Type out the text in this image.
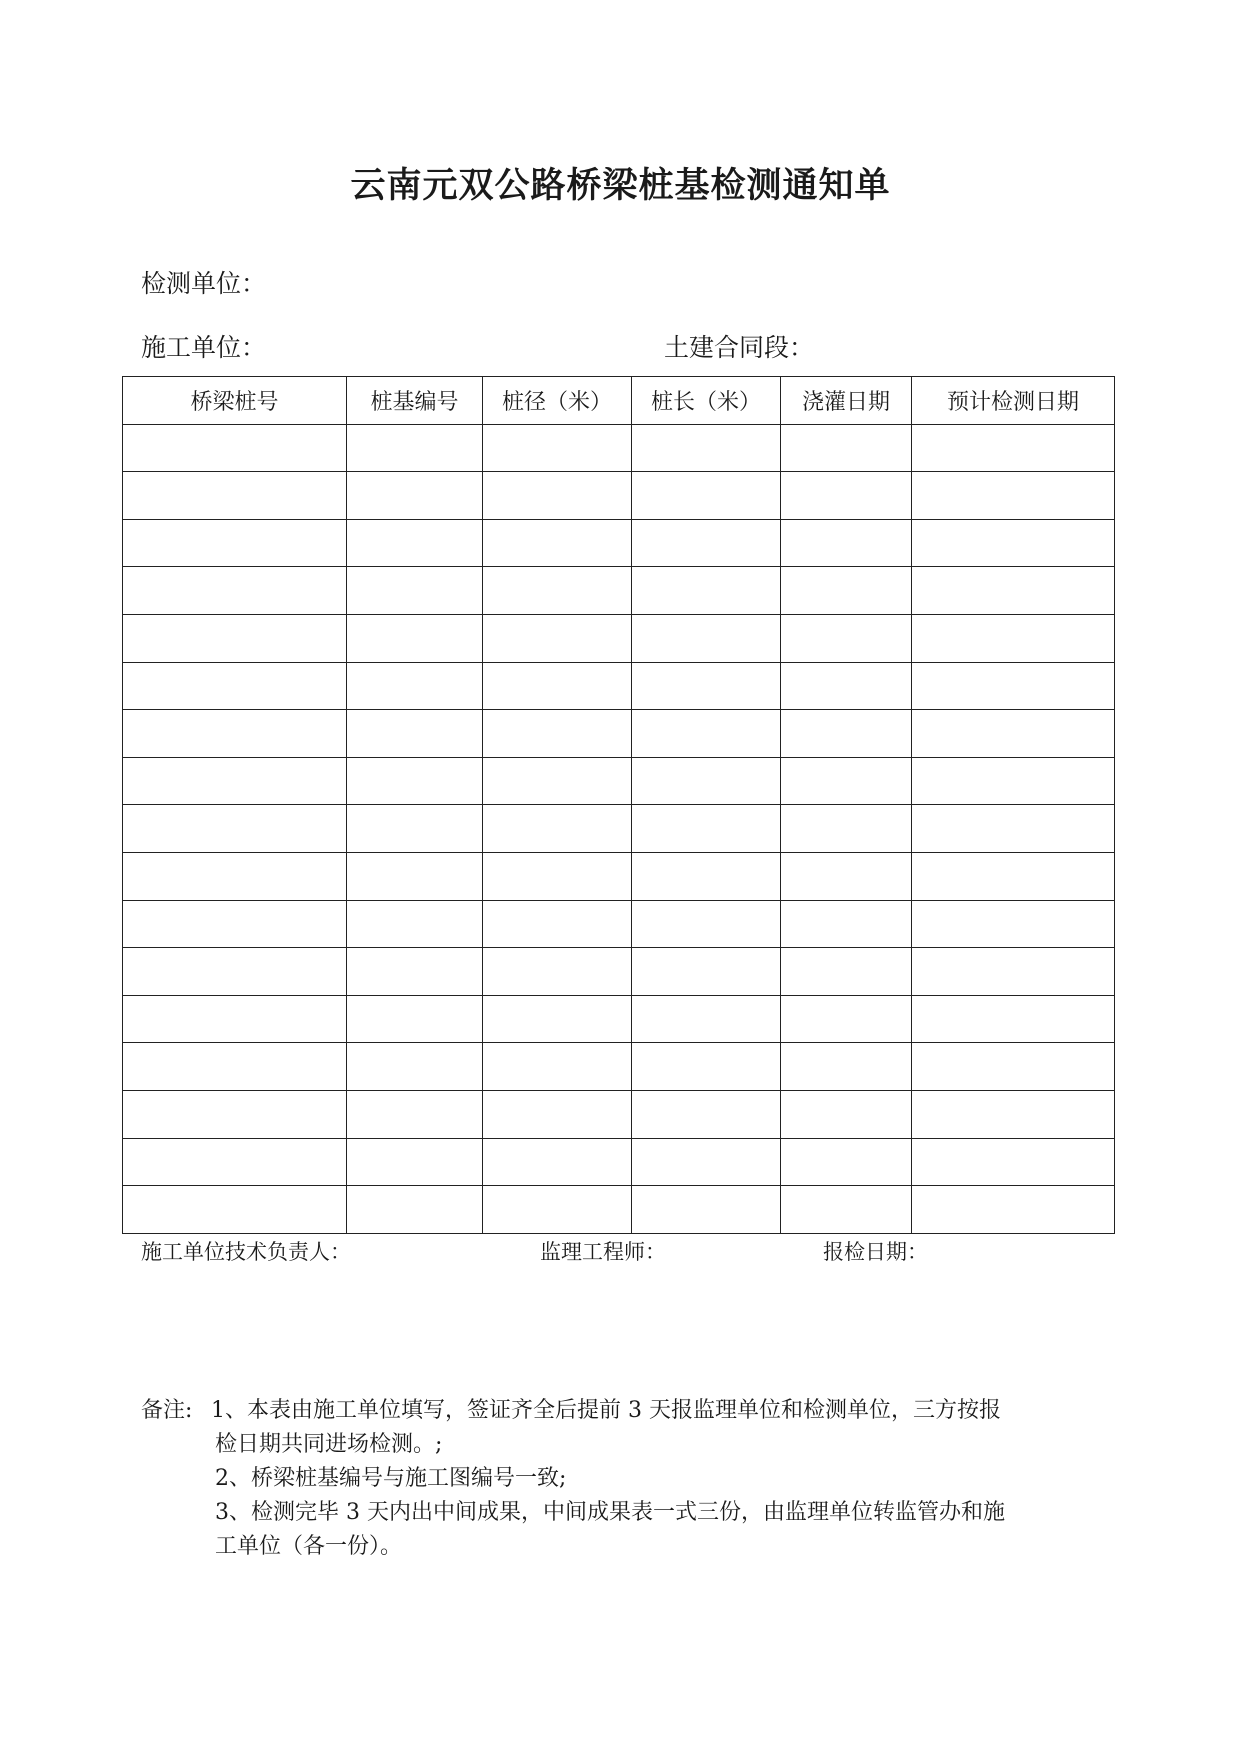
云南元双公路桥梁桩基检测通知单
检测单位：
施工单位：	土建合同段：
桥梁桩号	桩基编号	桩径（米）	桩长（米）	浇灌日期	预计检测日期

施工单位技术负责人：	监理工程师：	报检日期：
备注: 1、本表由施工单位填写，签证齐全后提前 3 天报监理单位和检测单位，三方按报
检日期共同进场检测。;
2、桥梁桩基编号与施工图编号一致;
3、检测完毕 3 天内出中间成果，中间成果表一式三份，由监理单位转监管办和施
工单位（各一份）。
